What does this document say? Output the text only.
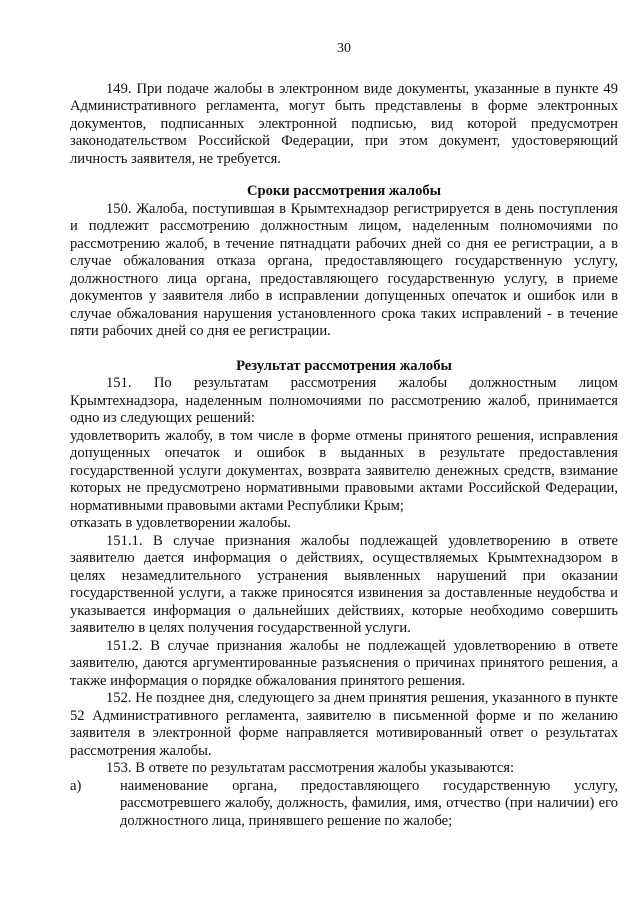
30

149. При подаче жалобы в электронном виде документы, указанные в пункте 49 Административного регламента, могут быть представлены в форме электронных документов, подписанных электронной подписью, вид которой предусмотрен законодательством Российской Федерации, при этом документ, удостоверяющий личность заявителя, не требуется.

Сроки рассмотрения жалобы

150. Жалоба, поступившая в Крымтехнадзор регистрируется в день поступления и подлежит рассмотрению должностным лицом, наделенным полномочиями по рассмотрению жалоб, в течение пятнадцати рабочих дней со дня ее регистрации, а в случае обжалования отказа органа, предоставляющего государственную услугу, должностного лица органа, предоставляющего государственную услугу, в приеме документов у заявителя либо в исправлении допущенных опечаток и ошибок или в случае обжалования нарушения установленного срока таких исправлений - в течение пяти рабочих дней со дня ее регистрации.

Результат рассмотрения жалобы

151. По результатам рассмотрения жалобы должностным лицом Крымтехнадзора, наделенным полномочиями по рассмотрению жалоб, принимается одно из следующих решений:

удовлетворить жалобу, в том числе в форме отмены принятого решения, исправления допущенных опечаток и ошибок в выданных в результате предоставления государственной услуги документах, возврата заявителю денежных средств, взимание которых не предусмотрено нормативными правовыми актами Российской Федерации, нормативными правовыми актами Республики Крым;

отказать в удовлетворении жалобы.

151.1. В случае признания жалобы подлежащей удовлетворению в ответе заявителю дается информация о действиях, осуществляемых Крымтехнадзором в целях незамедлительного устранения выявленных нарушений при оказании государственной услуги, а также приносятся извинения за доставленные неудобства и указывается информация о дальнейших действиях, которые необходимо совершить заявителю в целях получения государственной услуги.

151.2. В случае признания жалобы не подлежащей удовлетворению в ответе заявителю, даются аргументированные разъяснения о причинах принятого решения, а также информация о порядке обжалования принятого решения.

152. Не позднее дня, следующего за днем принятия решения, указанного в пункте 52 Административного регламента, заявителю в письменной форме и по желанию заявителя в электронной форме направляется мотивированный ответ о результатах рассмотрения жалобы.

153. В ответе по результатам рассмотрения жалобы указываются:

а)	наименование органа, предоставляющего государственную услугу, рассмотревшего жалобу, должность, фамилия, имя, отчество (при наличии) его должностного лица, принявшего решение по жалобе;
